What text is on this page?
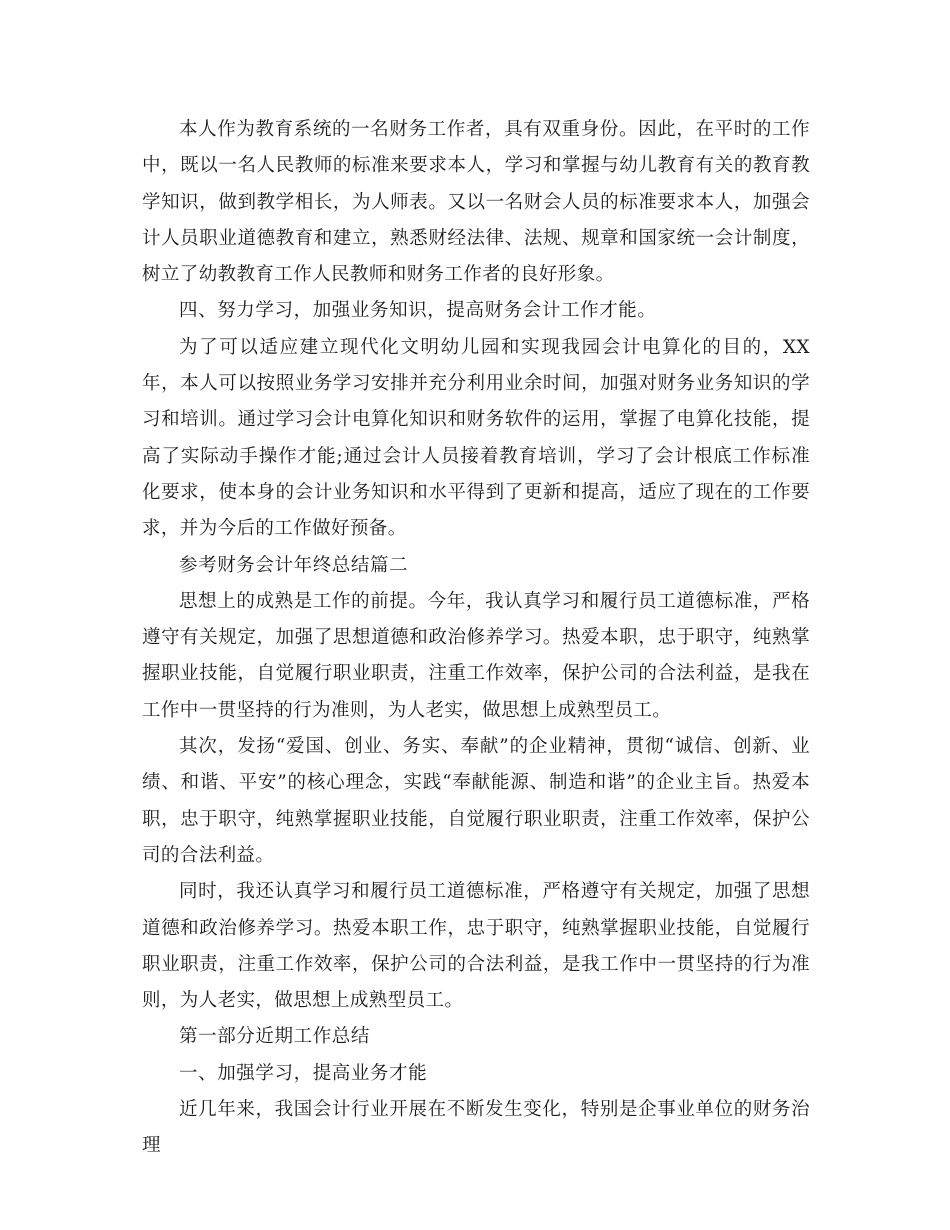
本人作为教育系统的一名财务工作者，具有双重身份。因此，在平时的工作中，既以一名人民教师的标准来要求本人，学习和掌握与幼儿教育有关的教育教学知识，做到教学相长，为人师表。又以一名财会人员的标准要求本人，加强会计人员职业道德教育和建立，熟悉财经法律、法规、规章和国家统一会计制度，树立了幼教教育工作人民教师和财务工作者的良好形象。

四、努力学习，加强业务知识，提高财务会计工作才能。

为了可以适应建立现代化文明幼儿园和实现我园会计电算化的目的，XX年，本人可以按照业务学习安排并充分利用业余时间，加强对财务业务知识的学习和培训。通过学习会计电算化知识和财务软件的运用，掌握了电算化技能，提高了实际动手操作才能;通过会计人员接着教育培训，学习了会计根底工作标准化要求，使本身的会计业务知识和水平得到了更新和提高，适应了现在的工作要求，并为今后的工作做好预备。

参考财务会计年终总结篇二

思想上的成熟是工作的前提。今年，我认真学习和履行员工道德标准，严格遵守有关规定，加强了思想道德和政治修养学习。热爱本职，忠于职守，纯熟掌握职业技能，自觉履行职业职责，注重工作效率，保护公司的合法利益，是我在工作中一贯坚持的行为准则，为人老实，做思想上成熟型员工。

其次，发扬“爱国、创业、务实、奉献”的企业精神，贯彻“诚信、创新、业绩、和谐、平安”的核心理念，实践“奉献能源、制造和谐”的企业主旨。热爱本职，忠于职守，纯熟掌握职业技能，自觉履行职业职责，注重工作效率，保护公司的合法利益。

同时，我还认真学习和履行员工道德标准，严格遵守有关规定，加强了思想道德和政治修养学习。热爱本职工作，忠于职守，纯熟掌握职业技能，自觉履行职业职责，注重工作效率，保护公司的合法利益，是我工作中一贯坚持的行为准则，为人老实，做思想上成熟型员工。

第一部分近期工作总结

一、加强学习，提高业务才能

近几年来，我国会计行业开展在不断发生变化，特别是企事业单位的财务治理
